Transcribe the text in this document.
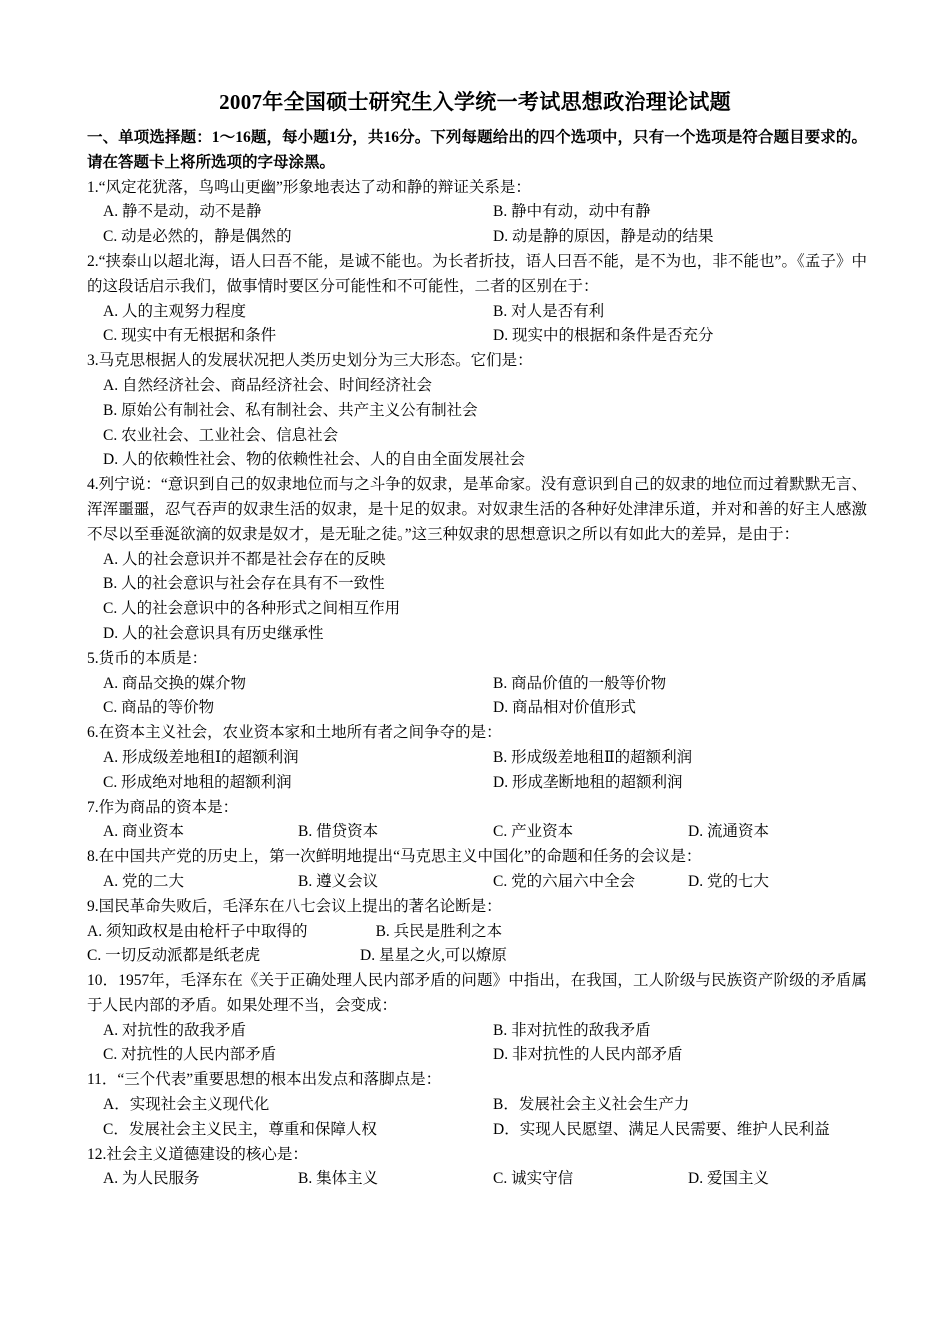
2007年全国硕士研究生入学统一考试思想政治理论试题
一、单项选择题：1～16题，每小题1分，共16分。下列每题给出的四个选项中，只有一个选项是符合题目要求的。请在答题卡上将所选项的字母涂黑。
1.“风定花犹落，鸟鸣山更幽”形象地表达了动和静的辩证关系是：
A. 静不是动，动不是静	B. 静中有动，动中有静
C. 动是必然的，静是偶然的	D. 动是静的原因，静是动的结果
2.“挟泰山以超北海，语人曰吾不能，是诚不能也。为长者折技，语人曰吾不能，是不为也，非不能也”。《孟子》中的这段话启示我们，做事情时要区分可能性和不可能性，二者的区别在于：
A. 人的主观努力程度	B. 对人是否有利
C. 现实中有无根据和条件	D. 现实中的根据和条件是否充分
3.马克思根据人的发展状况把人类历史划分为三大形态。它们是：
A. 自然经济社会、商品经济社会、时间经济社会
B. 原始公有制社会、私有制社会、共产主义公有制社会
C. 农业社会、工业社会、信息社会
D. 人的依赖性社会、物的依赖性社会、人的自由全面发展社会
4.列宁说：“意识到自己的奴隶地位而与之斗争的奴隶，是革命家。没有意识到自己的奴隶的地位而过着默默无言、浑浑噩噩，忍气吞声的奴隶生活的奴隶，是十足的奴隶。对奴隶生活的各种好处津津乐道，并对和善的好主人感激不尽以至垂涎欲滴的奴隶是奴才，是无耻之徒。”这三种奴隶的思想意识之所以有如此大的差异，是由于：
A. 人的社会意识并不都是社会存在的反映
B. 人的社会意识与社会存在具有不一致性
C. 人的社会意识中的各种形式之间相互作用
D. 人的社会意识具有历史继承性
5.货币的本质是：
A. 商品交换的媒介物	B. 商品价值的一般等价物
C. 商品的等价物	D. 商品相对价值形式
6.在资本主义社会，农业资本家和土地所有者之间争夺的是：
A. 形成级差地租Ⅰ的超额利润	B. 形成级差地租Ⅱ的超额利润
C. 形成绝对地租的超额利润	D. 形成垄断地租的超额利润
7.作为商品的资本是：
A. 商业资本	B. 借贷资本	C. 产业资本	D. 流通资本
8.在中国共产党的历史上，第一次鲜明地提出“马克思主义中国化”的命题和任务的会议是：
A. 党的二大	B. 遵义会议	C. 党的六届六中全会	D. 党的七大
9.国民革命失败后，毛泽东在八七会议上提出的著名论断是：
A. 须知政权是由枪杆子中取得的	B. 兵民是胜利之本
C. 一切反动派都是纸老虎	D. 星星之火,可以燎原
10．1957年，毛泽东在《关于正确处理人民内部矛盾的问题》中指出，在我国，工人阶级与民族资产阶级的矛盾属于人民内部的矛盾。如果处理不当，会变成：
A. 对抗性的敌我矛盾	B. 非对抗性的敌我矛盾
C. 对抗性的人民内部矛盾	D. 非对抗性的人民内部矛盾
11．“三个代表”重要思想的根本出发点和落脚点是：
A．实现社会主义现代化	B．发展社会主义社会生产力
C．发展社会主义民主，尊重和保障人权	D．实现人民愿望、满足人民需要、维护人民利益
12.社会主义道德建设的核心是：
A. 为人民服务	B. 集体主义	C. 诚实守信	D. 爱国主义
